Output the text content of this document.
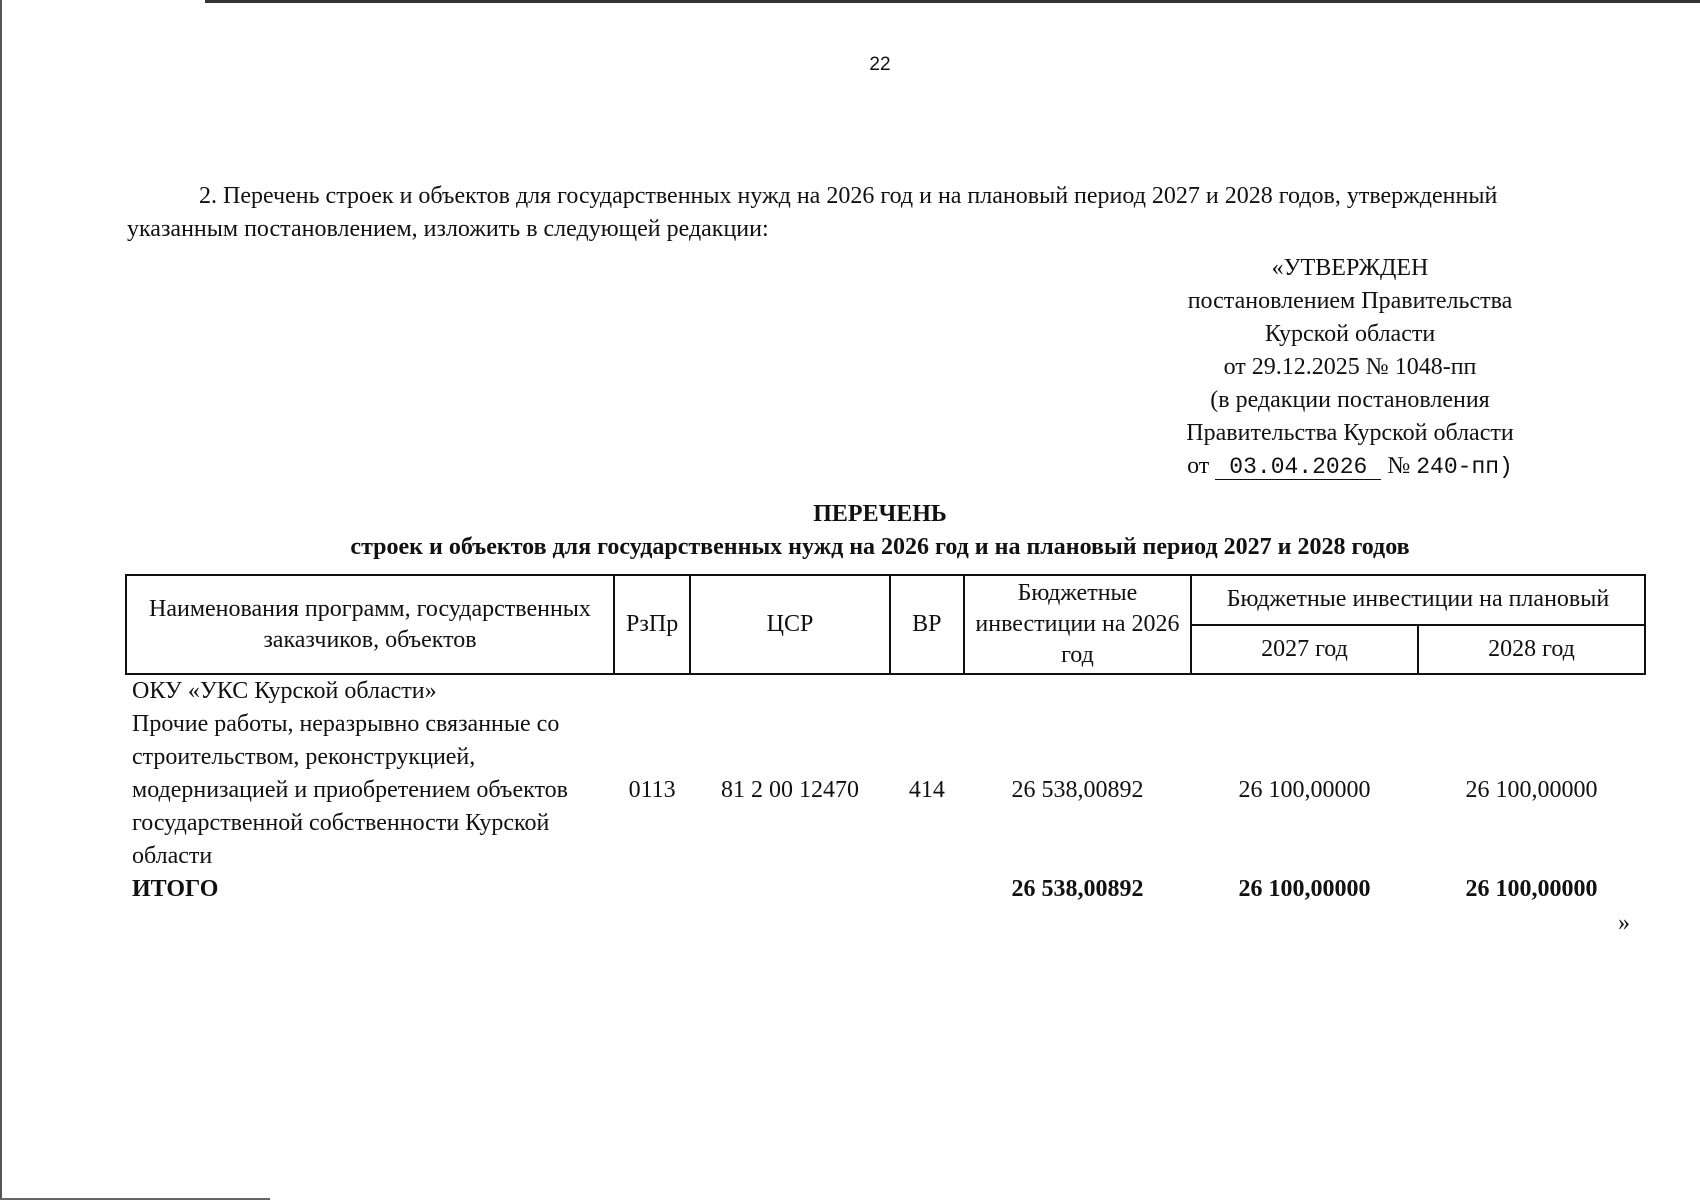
22
2. Перечень строек и объектов для государственных нужд на 2026 год и на плановый период 2027 и 2028 годов, утвержденный
указанным постановлением, изложить в следующей редакции:
«УТВЕРЖДЕН
постановлением Правительства
Курской области
от 29.12.2025 № 1048-пп
(в редакции постановления
Правительства Курской области
от 03.04.2026 № 240-пп)
ПЕРЕЧЕНЬ
строек и объектов для государственных нужд на 2026 год и на плановый период 2027 и 2028 годов
Наименования программ, государственных заказчиков, объектов	РзПр	ЦСР	ВР	Бюджетные инвестиции на 2026 год	Бюджетные инвестиции на плановый	
					2027 год	2028 год
ОКУ «УКС Курской области»						
Прочие работы, неразрывно связанные со строительством, реконструкцией, модернизацией и приобретением объектов государственной собственности Курской области	0113	81 2 00 12470	414	26 538,00892	26 100,00000	26 100,00000
ИТОГО				26 538,00892	26 100,00000	26 100,00000
»
